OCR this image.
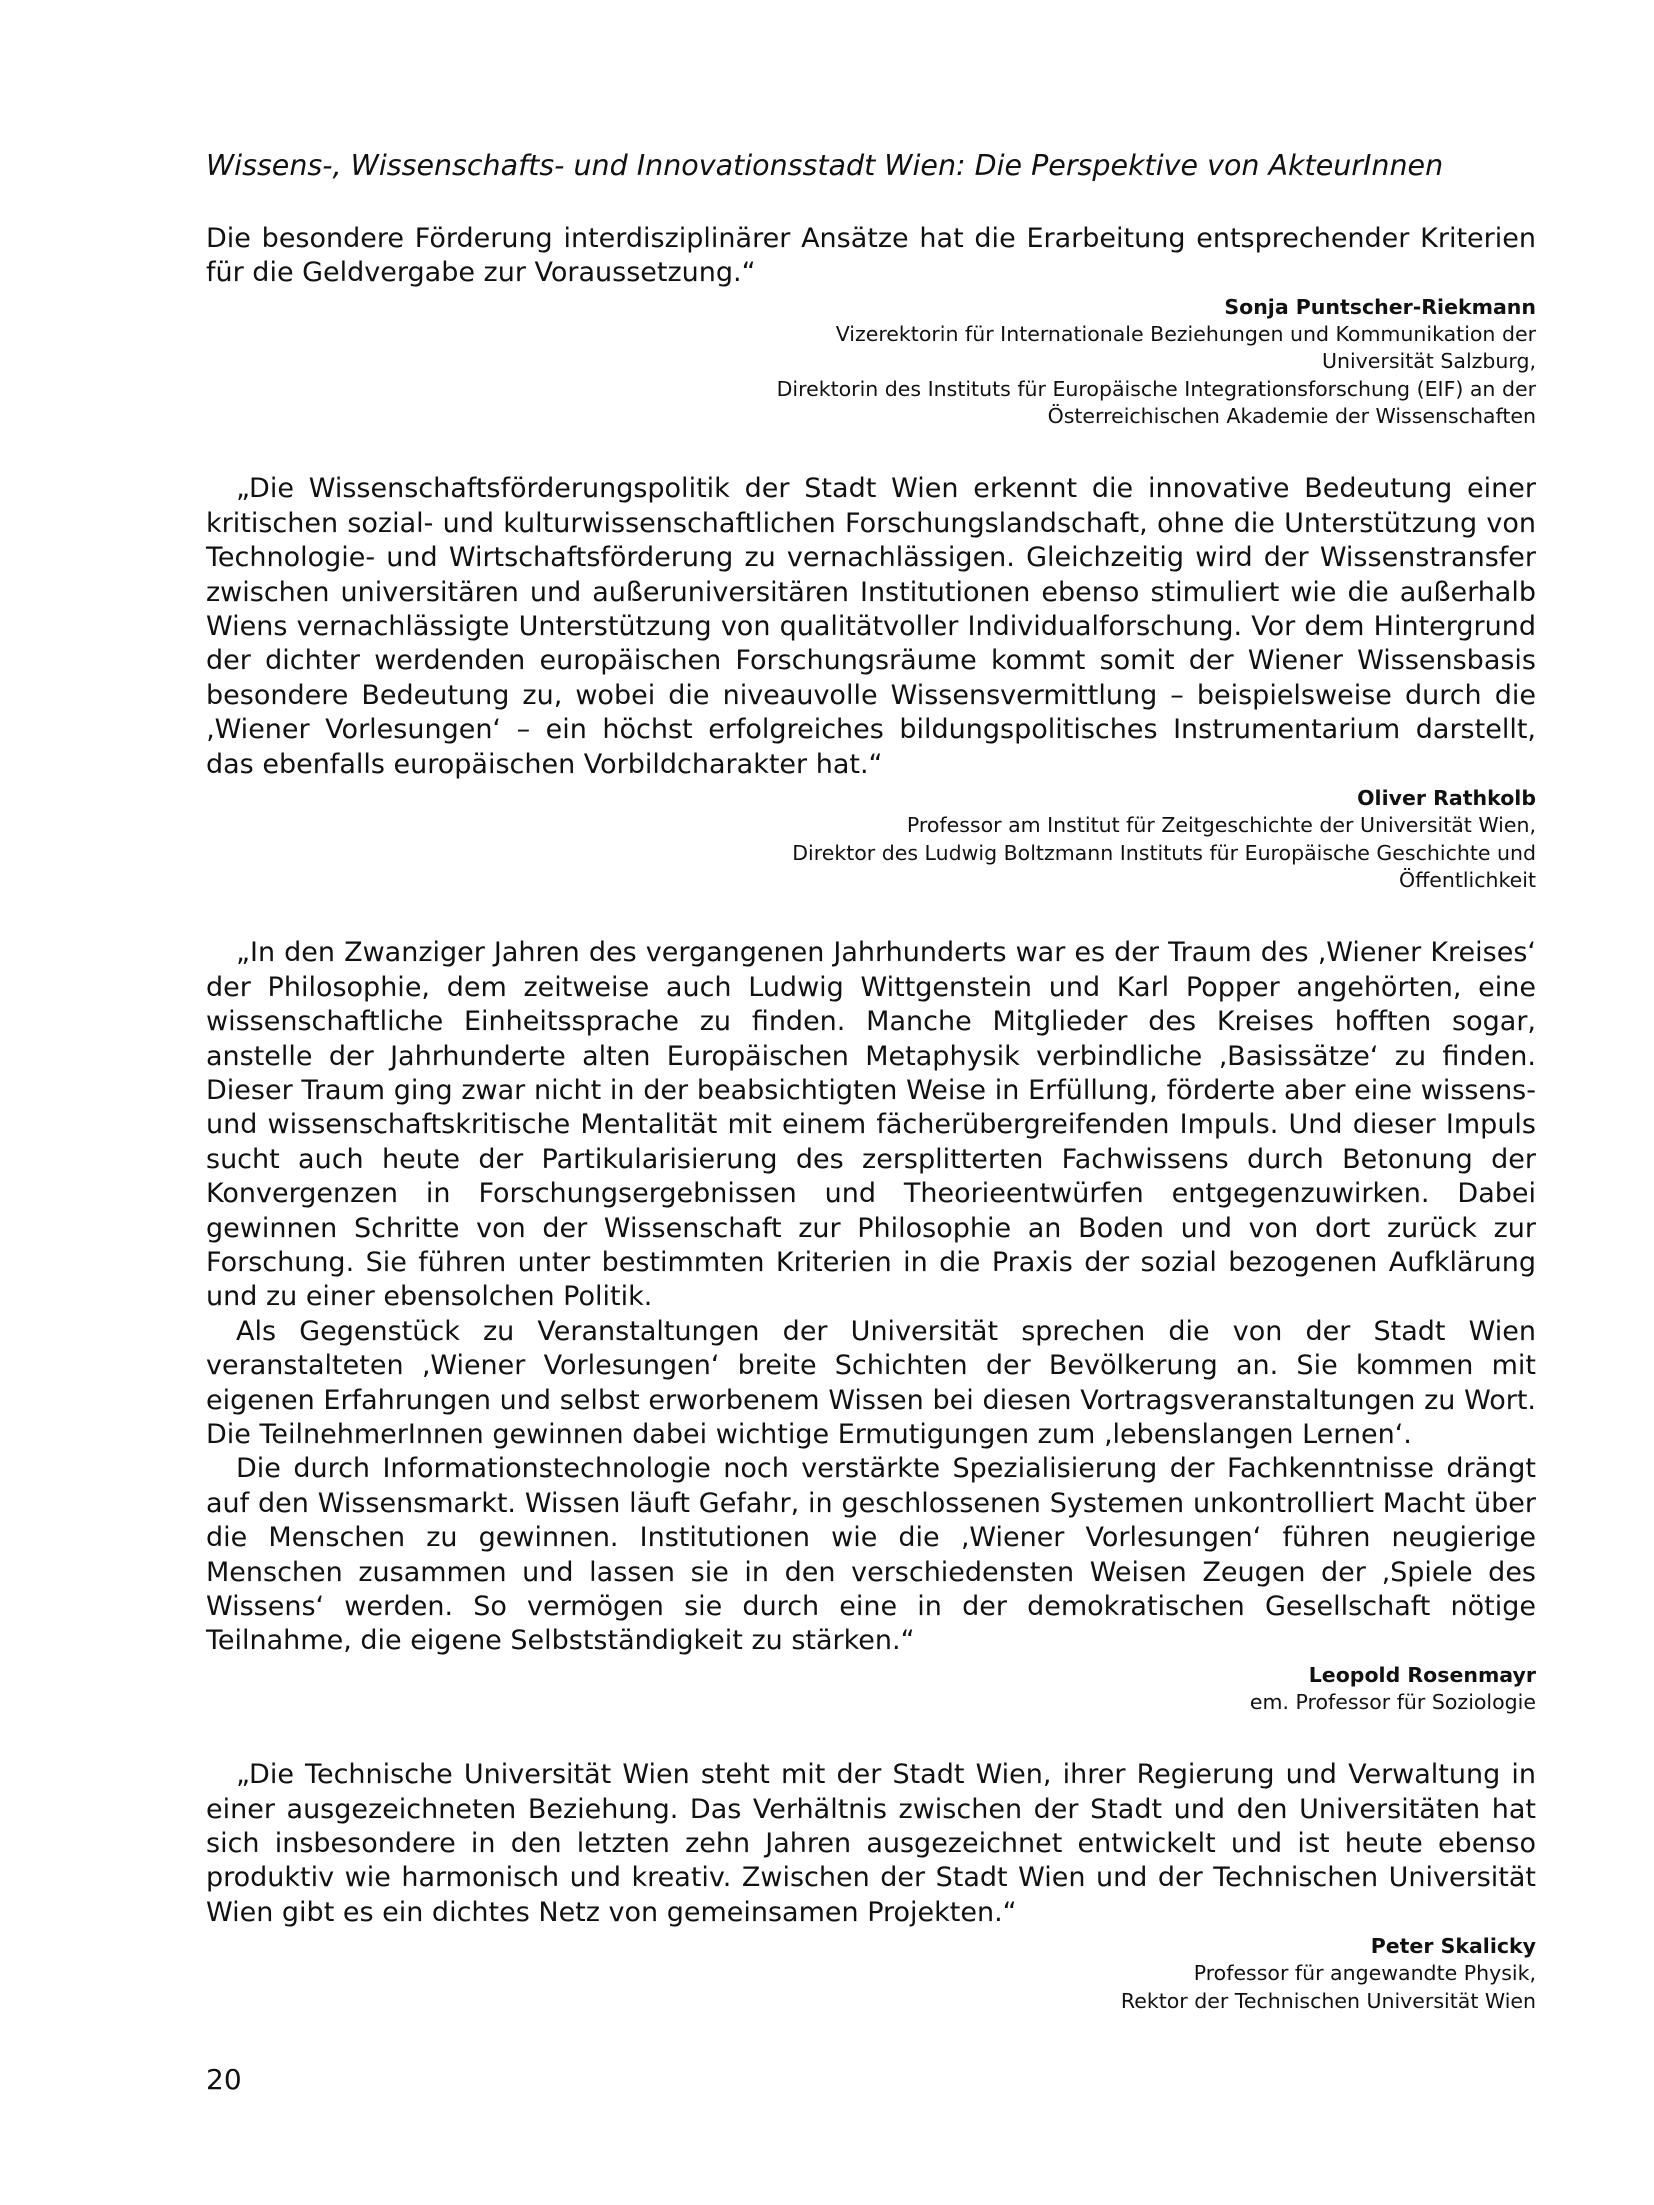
Wissens-, Wissenschafts- und Innovationsstadt Wien: Die Perspektive von AkteurInnen

Die besondere Förderung interdisziplinärer Ansätze hat die Erarbeitung entsprechender Kriterien für die Geldvergabe zur Voraussetzung.“

Sonja Puntscher-Riekmann
Vizerektorin für Internationale Beziehungen und Kommunikation der
Universität Salzburg,
Direktorin des Instituts für Europäische Integrationsforschung (EIF) an der
Österreichischen Akademie der Wissenschaften

„Die Wissenschaftsförderungspolitik der Stadt Wien erkennt die innovative Bedeutung einer kritischen sozial- und kulturwissenschaftlichen Forschungslandschaft, ohne die Unterstützung von Technologie- und Wirtschaftsförderung zu vernachlässigen. Gleichzeitig wird der Wissenstransfer zwischen universitären und außeruniversitären Institutionen ebenso stimuliert wie die außerhalb Wiens vernachlässigte Unterstützung von qualitätvoller Individualforschung. Vor dem Hintergrund der dichter werdenden europäischen Forschungsräume kommt somit der Wiener Wissensbasis besondere Bedeutung zu, wobei die niveauvolle Wissensvermittlung – beispielsweise durch die ‚Wiener Vorlesungen‘ – ein höchst erfolgreiches bildungspolitisches Instrumentarium darstellt, das ebenfalls europäischen Vorbildcharakter hat.“

Oliver Rathkolb
Professor am Institut für Zeitgeschichte der Universität Wien,
Direktor des Ludwig Boltzmann Instituts für Europäische Geschichte und
Öffentlichkeit

„In den Zwanziger Jahren des vergangenen Jahrhunderts war es der Traum des ‚Wiener Kreises‘ der Philosophie, dem zeitweise auch Ludwig Wittgenstein und Karl Popper angehörten, eine wissenschaftliche Einheitssprache zu finden. Manche Mitglieder des Kreises hofften sogar, anstelle der Jahrhunderte alten Europäischen Metaphysik verbindliche ‚Basissätze‘ zu finden. Dieser Traum ging zwar nicht in der beabsichtigten Weise in Erfüllung, förderte aber eine wissens- und wissenschaftskritische Mentalität mit einem fächerübergreifenden Impuls. Und dieser Impuls sucht auch heute der Partikularisierung des zersplitterten Fachwissens durch Betonung der Konvergenzen in Forschungsergebnissen und Theorieentwürfen entgegenzuwirken. Dabei gewinnen Schritte von der Wissenschaft zur Philosophie an Boden und von dort zurück zur Forschung. Sie führen unter bestimmten Kriterien in die Praxis der sozial bezogenen Aufklärung und zu einer ebensolchen Politik.

Als Gegenstück zu Veranstaltungen der Universität sprechen die von der Stadt Wien veranstalteten ‚Wiener Vorlesungen‘ breite Schichten der Bevölkerung an. Sie kommen mit eigenen Erfahrungen und selbst erworbenem Wissen bei diesen Vortragsveranstaltungen zu Wort. Die TeilnehmerInnen gewinnen dabei wichtige Ermutigungen zum ‚lebenslangen Lernen‘.

Die durch Informationstechnologie noch verstärkte Spezialisierung der Fachkenntnisse drängt auf den Wissensmarkt. Wissen läuft Gefahr, in geschlossenen Systemen unkontrolliert Macht über die Menschen zu gewinnen. Institutionen wie die ‚Wiener Vorlesungen‘ führen neugierige Menschen zusammen und lassen sie in den verschiedensten Weisen Zeugen der ‚Spiele des Wissens‘ werden. So vermögen sie durch eine in der demokratischen Gesellschaft nötige Teilnahme, die eigene Selbstständigkeit zu stärken.“

Leopold Rosenmayr
em. Professor für Soziologie

„Die Technische Universität Wien steht mit der Stadt Wien, ihrer Regierung und Verwaltung in einer ausgezeichneten Beziehung. Das Verhältnis zwischen der Stadt und den Universitäten hat sich insbesondere in den letzten zehn Jahren ausgezeichnet entwickelt und ist heute ebenso produktiv wie harmonisch und kreativ. Zwischen der Stadt Wien und der Technischen Universität Wien gibt es ein dichtes Netz von gemeinsamen Projekten.“

Peter Skalicky
Professor für angewandte Physik,
Rektor der Technischen Universität Wien
20
